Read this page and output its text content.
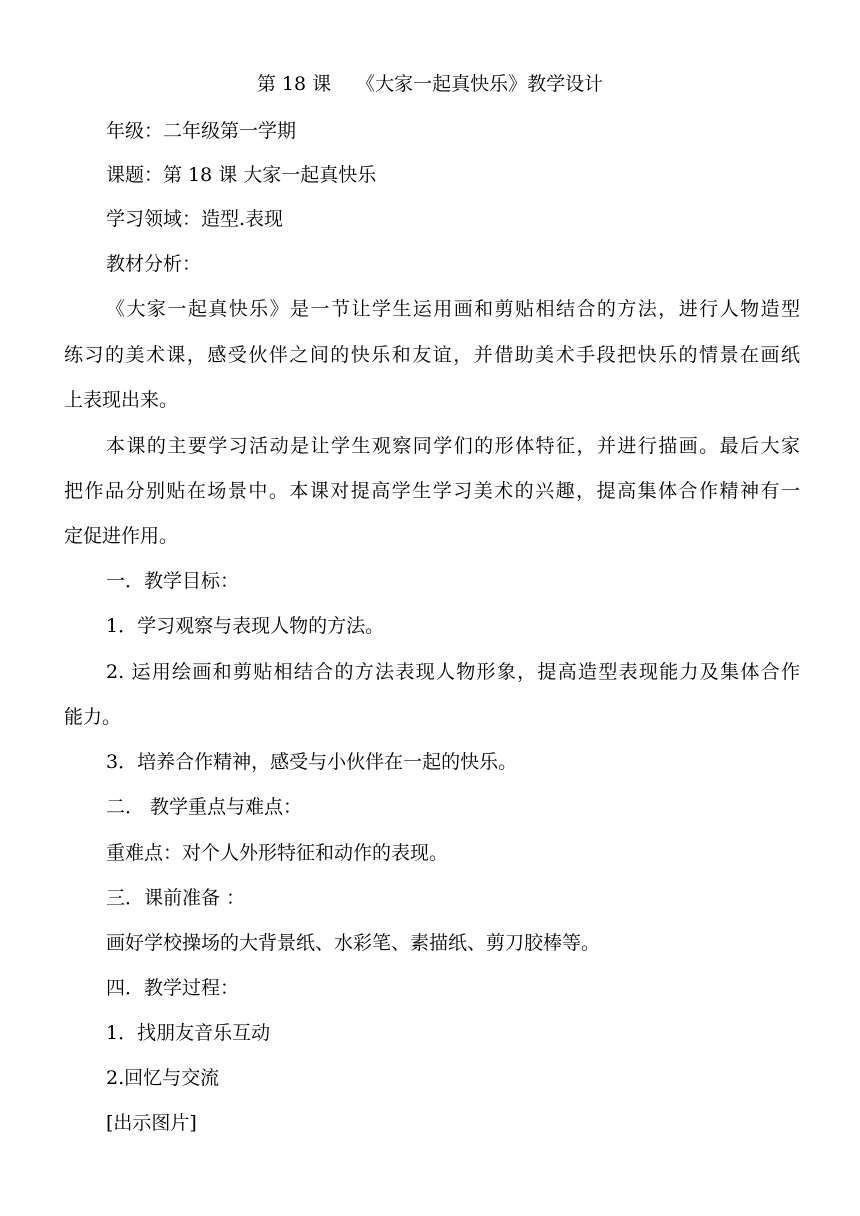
第 18 课　 《大家一起真快乐》教学设计
年级：二年级第一学期
课题：第 18 课 大家一起真快乐
学习领域：造型.表现
教材分析：
《大家一起真快乐》是一节让学生运用画和剪贴相结合的方法，进行人物造型
练习的美术课，感受伙伴之间的快乐和友谊，并借助美术手段把快乐的情景在画纸
上表现出来。
本课的主要学习活动是让学生观察同学们的形体特征，并进行描画。最后大家
把作品分别贴在场景中。本课对提高学生学习美术的兴趣，提高集体合作精神有一
定促进作用。
一．教学目标：
1．学习观察与表现人物的方法。
2. 运用绘画和剪贴相结合的方法表现人物形象，提高造型表现能力及集体合作
能力。
3．培养合作精神，感受与小伙伴在一起的快乐。
二． 教学重点与难点：
重难点：对个人外形特征和动作的表现。
三．课前准备 ：
画好学校操场的大背景纸、水彩笔、素描纸、剪刀胶棒等。
四．教学过程：
1．找朋友音乐互动
2.回忆与交流
[出示图片]
